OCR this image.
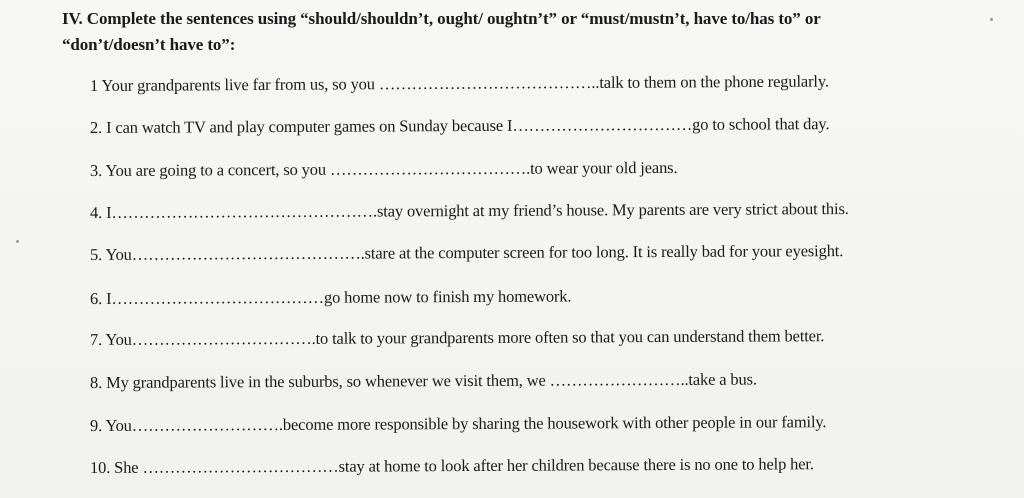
IV. Complete the sentences using “should/shouldn’t, ought/ oughtn’t” or “must/mustn’t, have to/has to” or
“don’t/doesn’t have to”:
1 Your grandparents live far from us, so you …………………………………..talk to them on the phone regularly.
2. I can watch TV and play computer games on Sunday because I……………………………go to school that day.
3. You are going to a concert, so you ……………………………….to wear your old jeans.
4. I………………………………………….stay overnight at my friend’s house. My parents are very strict about this.
5. You…………………………………….stare at the computer screen for too long. It is really bad for your eyesight.
6. I…………………………………go home now to finish my homework.
7. You…………………………….to talk to your grandparents more often so that you can understand them better.
8. My grandparents live in the suburbs, so whenever we visit them, we ……………………..take a bus.
9. You……………………….become more responsible by sharing the housework with other people in our family.
10. She ………………………………stay at home to look after her children because there is no one to help her.
